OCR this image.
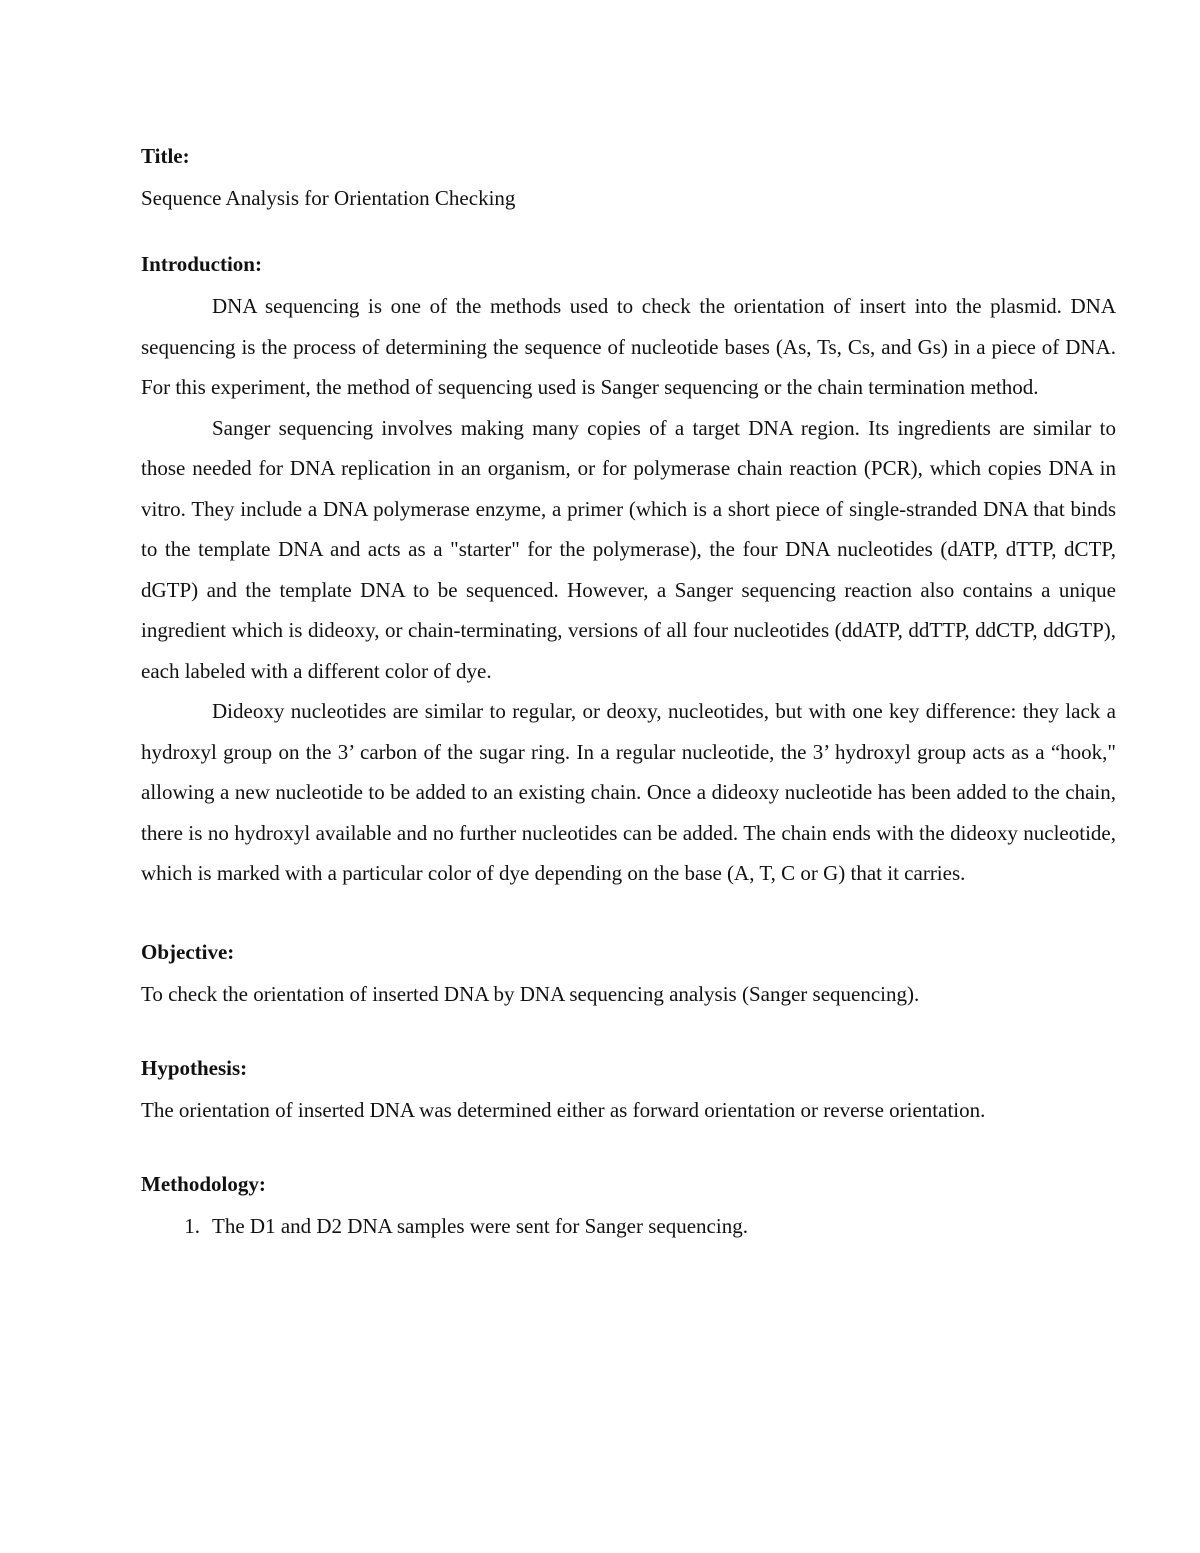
Title:

Sequence Analysis for Orientation Checking

Introduction:

DNA sequencing is one of the methods used to check the orientation of insert into the plasmid. DNA sequencing is the process of determining the sequence of nucleotide bases (As, Ts, Cs, and Gs) in a piece of DNA. For this experiment, the method of sequencing used is Sanger sequencing or the chain termination method.

Sanger sequencing involves making many copies of a target DNA region. Its ingredients are similar to those needed for DNA replication in an organism, or for polymerase chain reaction (PCR), which copies DNA in vitro. They include a DNA polymerase enzyme, a primer (which is a short piece of single-stranded DNA that binds to the template DNA and acts as a "starter" for the polymerase), the four DNA nucleotides (dATP, dTTP, dCTP, dGTP) and the template DNA to be sequenced. However, a Sanger sequencing reaction also contains a unique ingredient which is dideoxy, or chain-terminating, versions of all four nucleotides (ddATP, ddTTP, ddCTP, ddGTP), each labeled with a different color of dye.

Dideoxy nucleotides are similar to regular, or deoxy, nucleotides, but with one key difference: they lack a hydroxyl group on the 3’ carbon of the sugar ring. In a regular nucleotide, the 3’ hydroxyl group acts as a “hook," allowing a new nucleotide to be added to an existing chain. Once a dideoxy nucleotide has been added to the chain, there is no hydroxyl available and no further nucleotides can be added. The chain ends with the dideoxy nucleotide, which is marked with a particular color of dye depending on the base (A, T, C or G) that it carries.

Objective:

To check the orientation of inserted DNA by DNA sequencing analysis (Sanger sequencing).

Hypothesis:

The orientation of inserted DNA was determined either as forward orientation or reverse orientation.

Methodology:

1. The D1 and D2 DNA samples were sent for Sanger sequencing.
